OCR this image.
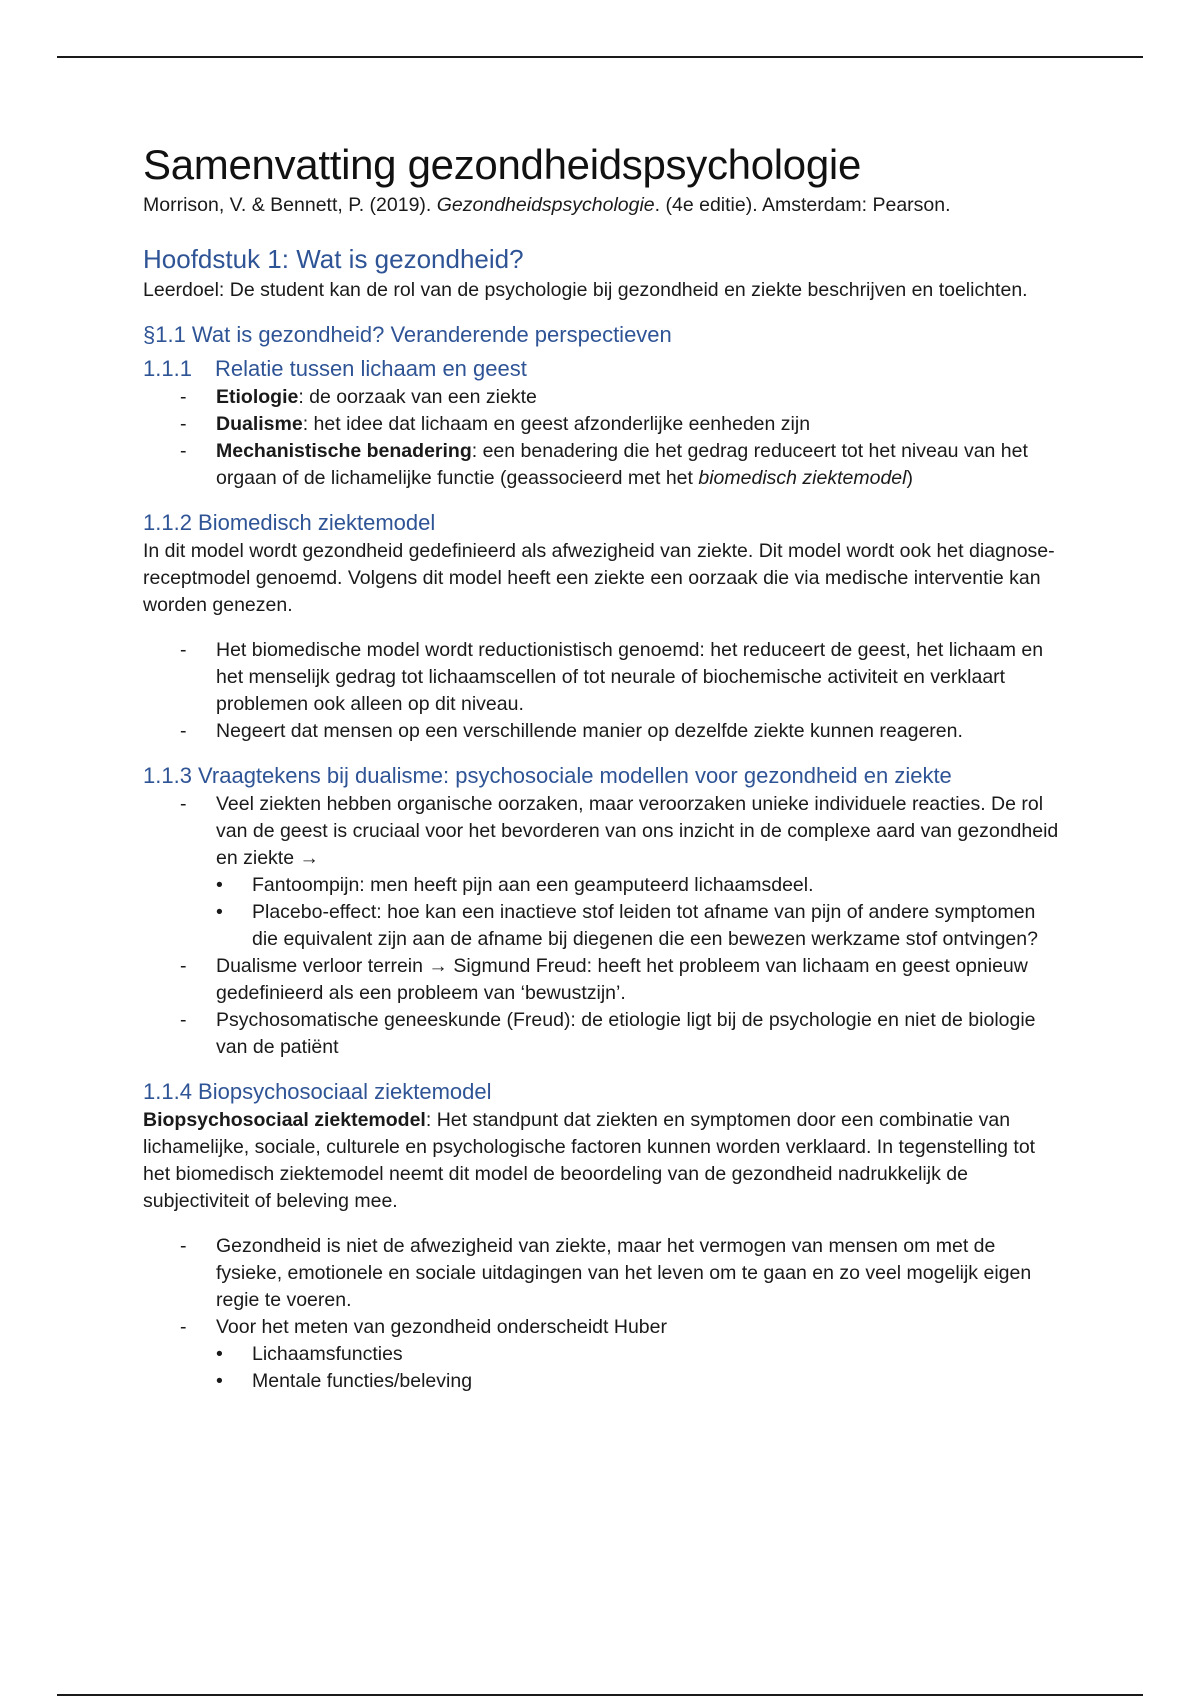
Samenvatting gezondheidspsychologie

Morrison, V. & Bennett, P. (2019). Gezondheidspsychologie. (4e editie). Amsterdam: Pearson.

Hoofdstuk 1: Wat is gezondheid?

Leerdoel: De student kan de rol van de psychologie bij gezondheid en ziekte beschrijven en toelichten.

§1.1 Wat is gezondheid? Veranderende perspectieven
1.1.1 Relatie tussen lichaam en geest
- Etiologie: de oorzaak van een ziekte
- Dualisme: het idee dat lichaam en geest afzonderlijke eenheden zijn
- Mechanistische benadering: een benadering die het gedrag reduceert tot het niveau van het orgaan of de lichamelijke functie (geassocieerd met het biomedisch ziektemodel)
1.1.2 Biomedisch ziektemodel

In dit model wordt gezondheid gedefinieerd als afwezigheid van ziekte. Dit model wordt ook het diagnose-receptmodel genoemd. Volgens dit model heeft een ziekte een oorzaak die via medische interventie kan worden genezen.

- Het biomedische model wordt reductionistisch genoemd: het reduceert de geest, het lichaam en het menselijk gedrag tot lichaamscellen of tot neurale of biochemische activiteit en verklaart problemen ook alleen op dit niveau.
- Negeert dat mensen op een verschillende manier op dezelfde ziekte kunnen reageren.
1.1.3 Vraagtekens bij dualisme: psychosociale modellen voor gezondheid en ziekte
- Veel ziekten hebben organische oorzaken, maar veroorzaken unieke individuele reacties. De rol van de geest is cruciaal voor het bevorderen van ons inzicht in de complexe aard van gezondheid en ziekte →
• Fantoompijn: men heeft pijn aan een geamputeerd lichaamsdeel.
• Placebo-effect: hoe kan een inactieve stof leiden tot afname van pijn of andere symptomen die equivalent zijn aan de afname bij diegenen die een bewezen werkzame stof ontvingen?
- Dualisme verloor terrein → Sigmund Freud: heeft het probleem van lichaam en geest opnieuw gedefinieerd als een probleem van ‘bewustzijn’.
- Psychosomatische geneeskunde (Freud): de etiologie ligt bij de psychologie en niet de biologie van de patiënt
1.1.4 Biopsychosociaal ziektemodel

Biopsychosociaal ziektemodel: Het standpunt dat ziekten en symptomen door een combinatie van lichamelijke, sociale, culturele en psychologische factoren kunnen worden verklaard. In tegenstelling tot het biomedisch ziektemodel neemt dit model de beoordeling van de gezondheid nadrukkelijk de subjectiviteit of beleving mee.

- Gezondheid is niet de afwezigheid van ziekte, maar het vermogen van mensen om met de fysieke, emotionele en sociale uitdagingen van het leven om te gaan en zo veel mogelijk eigen regie te voeren.
- Voor het meten van gezondheid onderscheidt Huber
• Lichaamsfuncties
• Mentale functies/beleving
